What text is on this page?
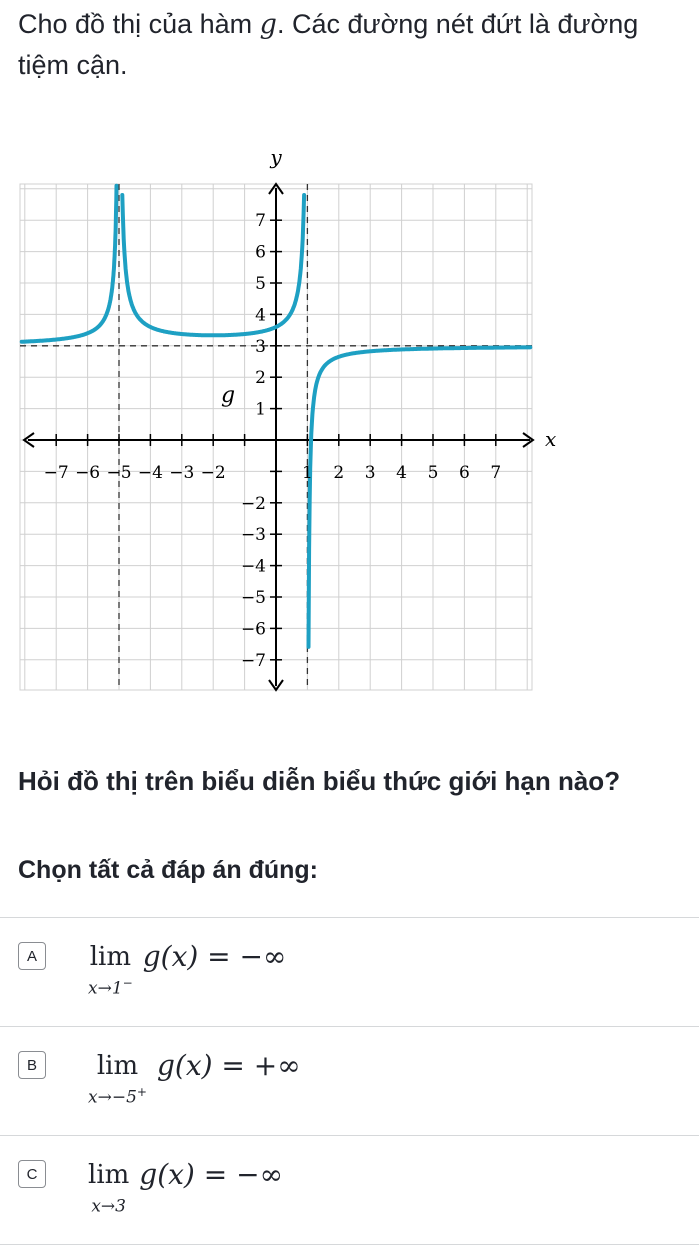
Cho đồ thị của hàm g. Các đường nét đứt là đường tiệm cận.

−7 −6 −5 −4 −3 −2	1 2 3 4 5 6 7
7
6
5
4
3
2
1
−2
−3
−4
−5
−6
−7
x
y
g

Hỏi đồ thị trên biểu diễn biểu thức giới hạn nào?

Chọn tất cả đáp án đúng:

A	lim
x→1−
g(x) = −∞
B	lim
x→−5+
g(x) = +∞
C	lim
x→3
g(x) = −∞
